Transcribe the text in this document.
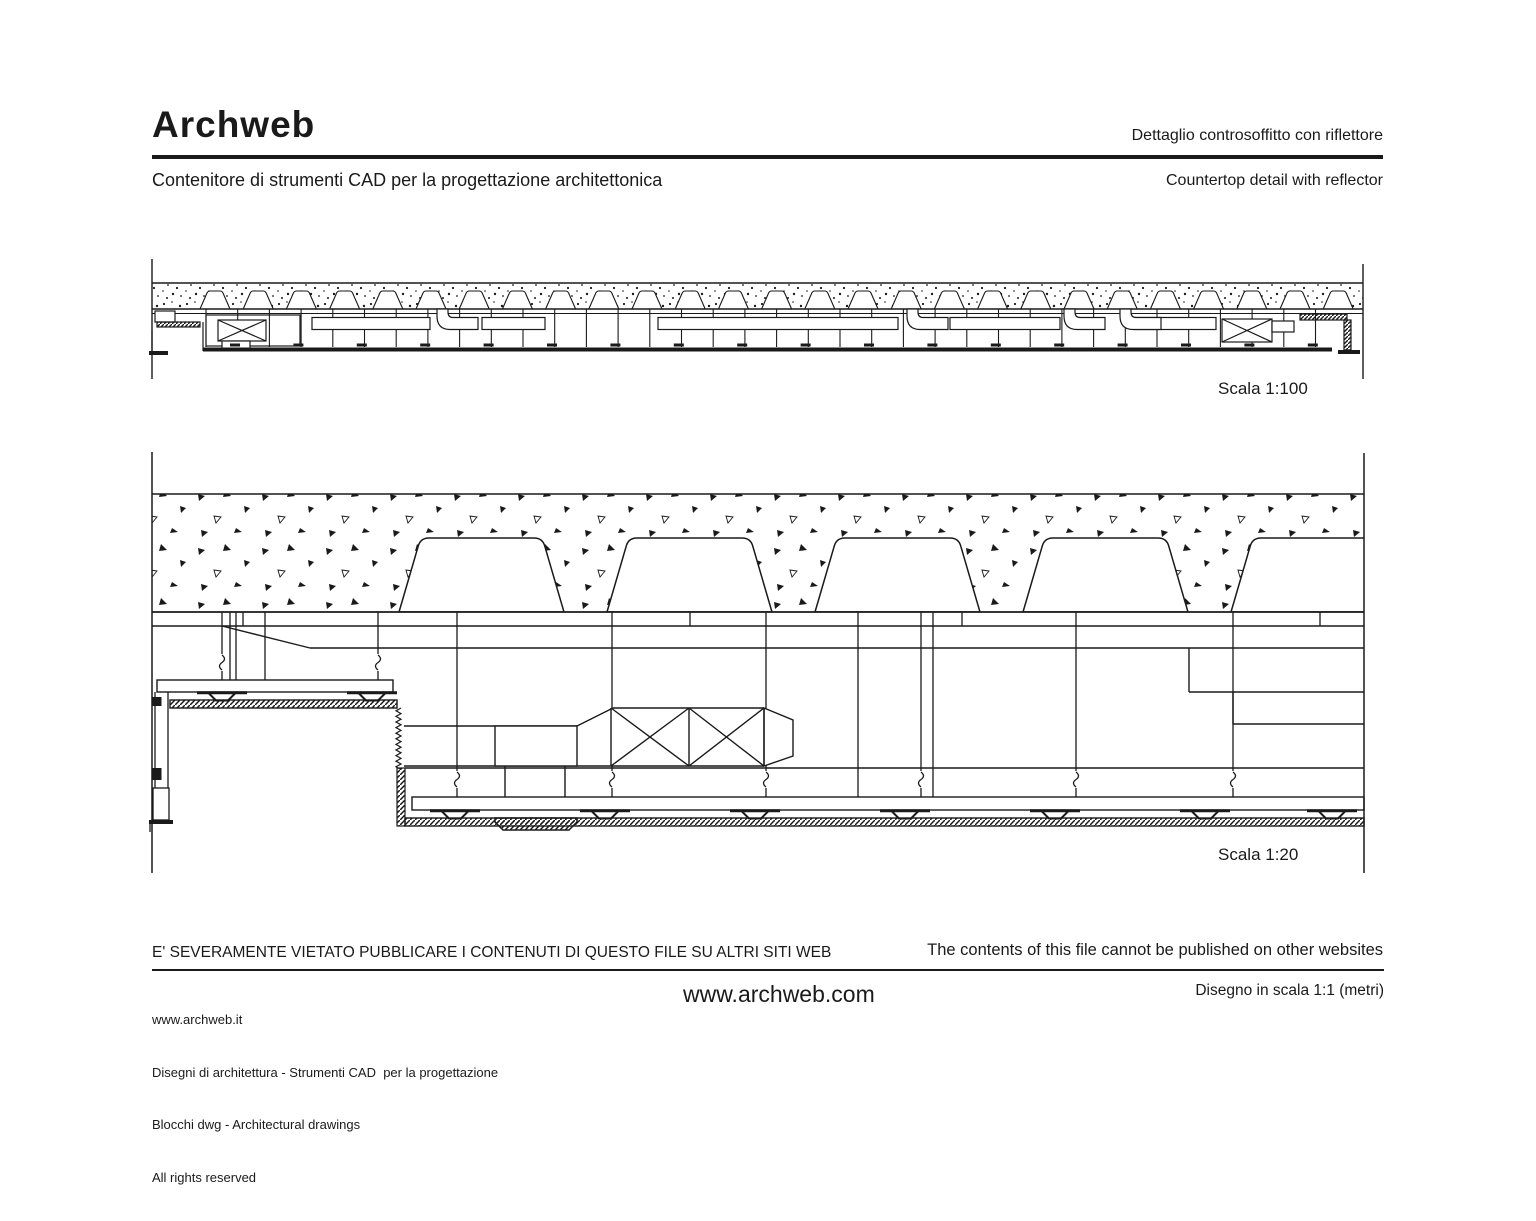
Archweb	Dettaglio controsoffitto con riflettore
Contenitore di strumenti CAD per la progettazione architettonica	Countertop detail with reflector
Scala 1:100
Scala 1:20
E' SEVERAMENTE VIETATO PUBBLICARE I CONTENUTI DI QUESTO FILE SU ALTRI SITI WEB	The contents of this file cannot be published on other websites

www.archweb.it

Disegni di architettura - Strumenti CAD  per la progettazione

Blocchi dwg - Architectural drawings

All rights reserved

www.archweb.com	Disegno in scala 1:1 (metri)
